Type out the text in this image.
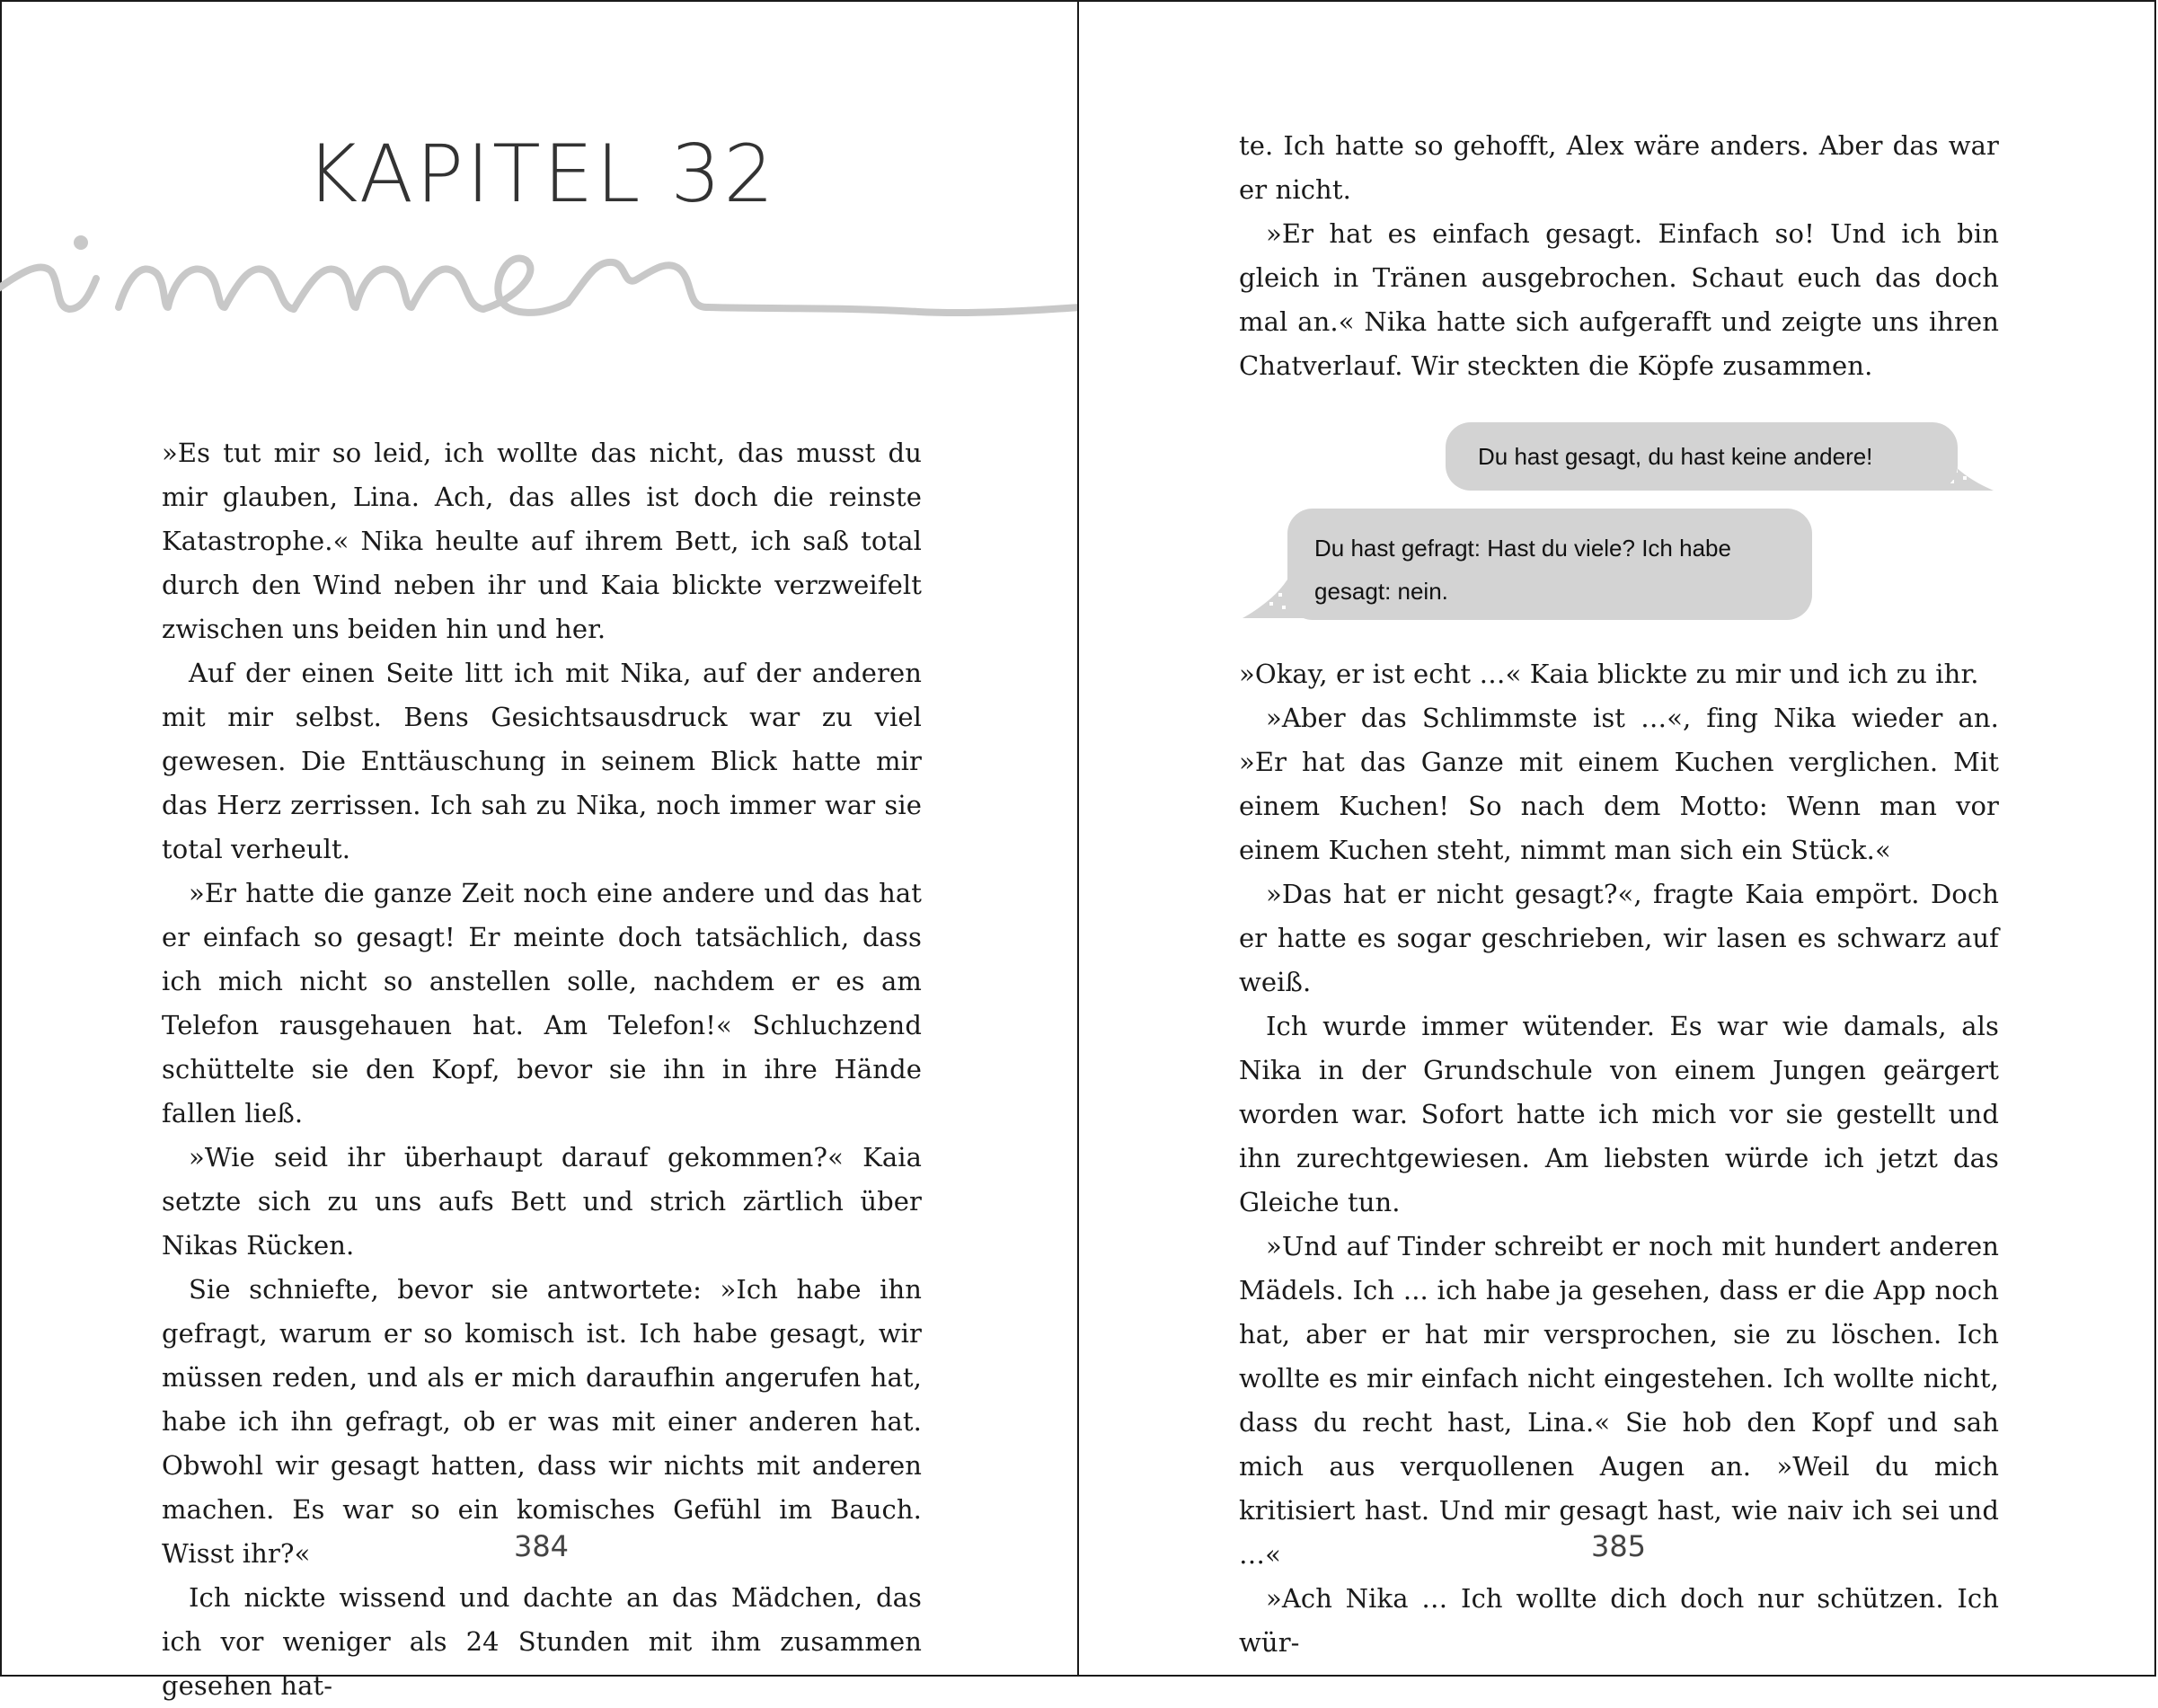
KAPITEL 32

»Es tut mir so leid, ich wollte das nicht, das musst du mir glauben, Lina. Ach, das alles ist doch die reinste Katastrophe.« Nika heulte auf ihrem Bett, ich saß total durch den Wind neben ihr und Kaia blickte verzweifelt zwischen uns beiden hin und her.

Auf der einen Seite litt ich mit Nika, auf der anderen mit mir selbst. Bens Gesichtsausdruck war zu viel gewesen. Die Enttäuschung in seinem Blick hatte mir das Herz zerrissen. Ich sah zu Nika, noch immer war sie total verheult.

»Er hatte die ganze Zeit noch eine andere und das hat er einfach so gesagt! Er meinte doch tatsächlich, dass ich mich nicht so anstellen solle, nachdem er es am Telefon rausgehauen hat. Am Telefon!« Schluchzend schüttelte sie den Kopf, bevor sie ihn in ihre Hände fallen ließ.

»Wie seid ihr überhaupt darauf gekommen?« Kaia setzte sich zu uns aufs Bett und strich zärtlich über Nikas Rücken.

Sie schniefte, bevor sie antwortete: »Ich habe ihn gefragt, warum er so komisch ist. Ich habe gesagt, wir müssen reden, und als er mich daraufhin angerufen hat, habe ich ihn gefragt, ob er was mit einer anderen hat. Obwohl wir gesagt hatten, dass wir nichts mit anderen machen. Es war so ein komisches Gefühl im Bauch. Wisst ihr?«

Ich nickte wissend und dachte an das Mädchen, das ich vor weniger als 24 Stunden mit ihm zusammen gesehen hat-

384

te. Ich hatte so gehofft, Alex wäre anders. Aber das war er nicht.

»Er hat es einfach gesagt. Einfach so! Und ich bin gleich in Tränen ausgebrochen. Schaut euch das doch mal an.« Nika hatte sich aufgerafft und zeigte uns ihren Chatverlauf. Wir steckten die Köpfe zusammen.

Du hast gesagt, du hast keine andere!
Du hast gefragt: Hast du viele? Ich habe gesagt: nein.

»Okay, er ist echt …« Kaia blickte zu mir und ich zu ihr.

»Aber das Schlimmste ist …«, fing Nika wieder an. »Er hat das Ganze mit einem Kuchen verglichen. Mit einem Kuchen! So nach dem Motto: Wenn man vor einem Kuchen steht, nimmt man sich ein Stück.«

»Das hat er nicht gesagt?«, fragte Kaia empört. Doch er hatte es sogar geschrieben, wir lasen es schwarz auf weiß.

Ich wurde immer wütender. Es war wie damals, als Nika in der Grundschule von einem Jungen geärgert worden war. Sofort hatte ich mich vor sie gestellt und ihn zurechtgewiesen. Am liebsten würde ich jetzt das Gleiche tun.

»Und auf Tinder schreibt er noch mit hundert anderen Mädels. Ich ... ich habe ja gesehen, dass er die App noch hat, aber er hat mir versprochen, sie zu löschen. Ich wollte es mir einfach nicht eingestehen. Ich wollte nicht, dass du recht hast, Lina.« Sie hob den Kopf und sah mich aus verquollenen Augen an. »Weil du mich kritisiert hast. Und mir gesagt hast, wie naiv ich sei und …«

»Ach Nika … Ich wollte dich doch nur schützen. Ich wür-

385
